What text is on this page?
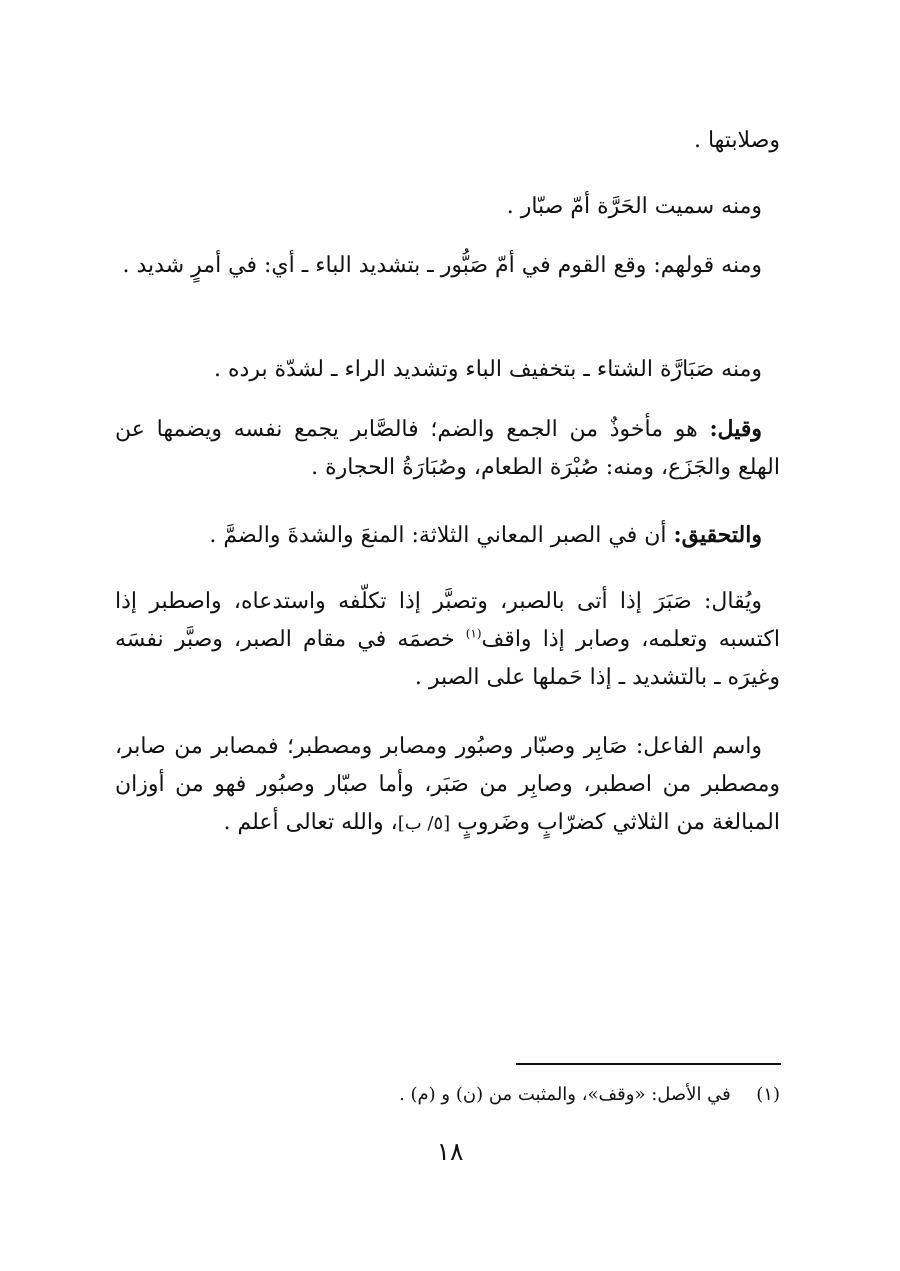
وصلابتها .
ومنه سميت الحَرَّة أمّ صبّار .
ومنه قولهم: وقع القوم في أمّ صَبُّور ـ بتشديد الباء ـ أي: في أمرٍ شديد .
ومنه صَبَارَّة الشتاء ـ بتخفيف الباء وتشديد الراء ـ لشدّة برده .
وقيل: هو مأخوذٌ من الجمع والضم؛ فالصَّابر يجمع نفسه ويضمها عن الهلع والجَزَع، ومنه: صُبْرَة الطعام، وصُبَارَةُ الحجارة .
والتحقيق: أن في الصبر المعاني الثلاثة: المنعَ والشدةَ والضمَّ .
ويُقال: صَبَرَ إذا أتى بالصبر، وتصبَّر إذا تكلّفه واستدعاه، واصطبر إذا اكتسبه وتعلمه، وصابر إذا واقف$^{(١)}$ خصمَه في مقام الصبر، وصبَّر نفسَه وغيرَه ـ بالتشديد ـ إذا حَملها على الصبر .
واسم الفاعل: صَابِر وصبّار وصبُور ومصابر ومصطبر؛ فمصابر من صابر، ومصطبر من اصطبر، وصابِر من صَبَر، وأما صبّار وصبُور فهو من أوزان المبالغة من الثلاثي كضرّابٍ وضَروبٍ [٥/ ب]، والله تعالى أعلم .
(١)  في الأصل: «وقف»، والمثبت من (ن) و (م) .
١٨
